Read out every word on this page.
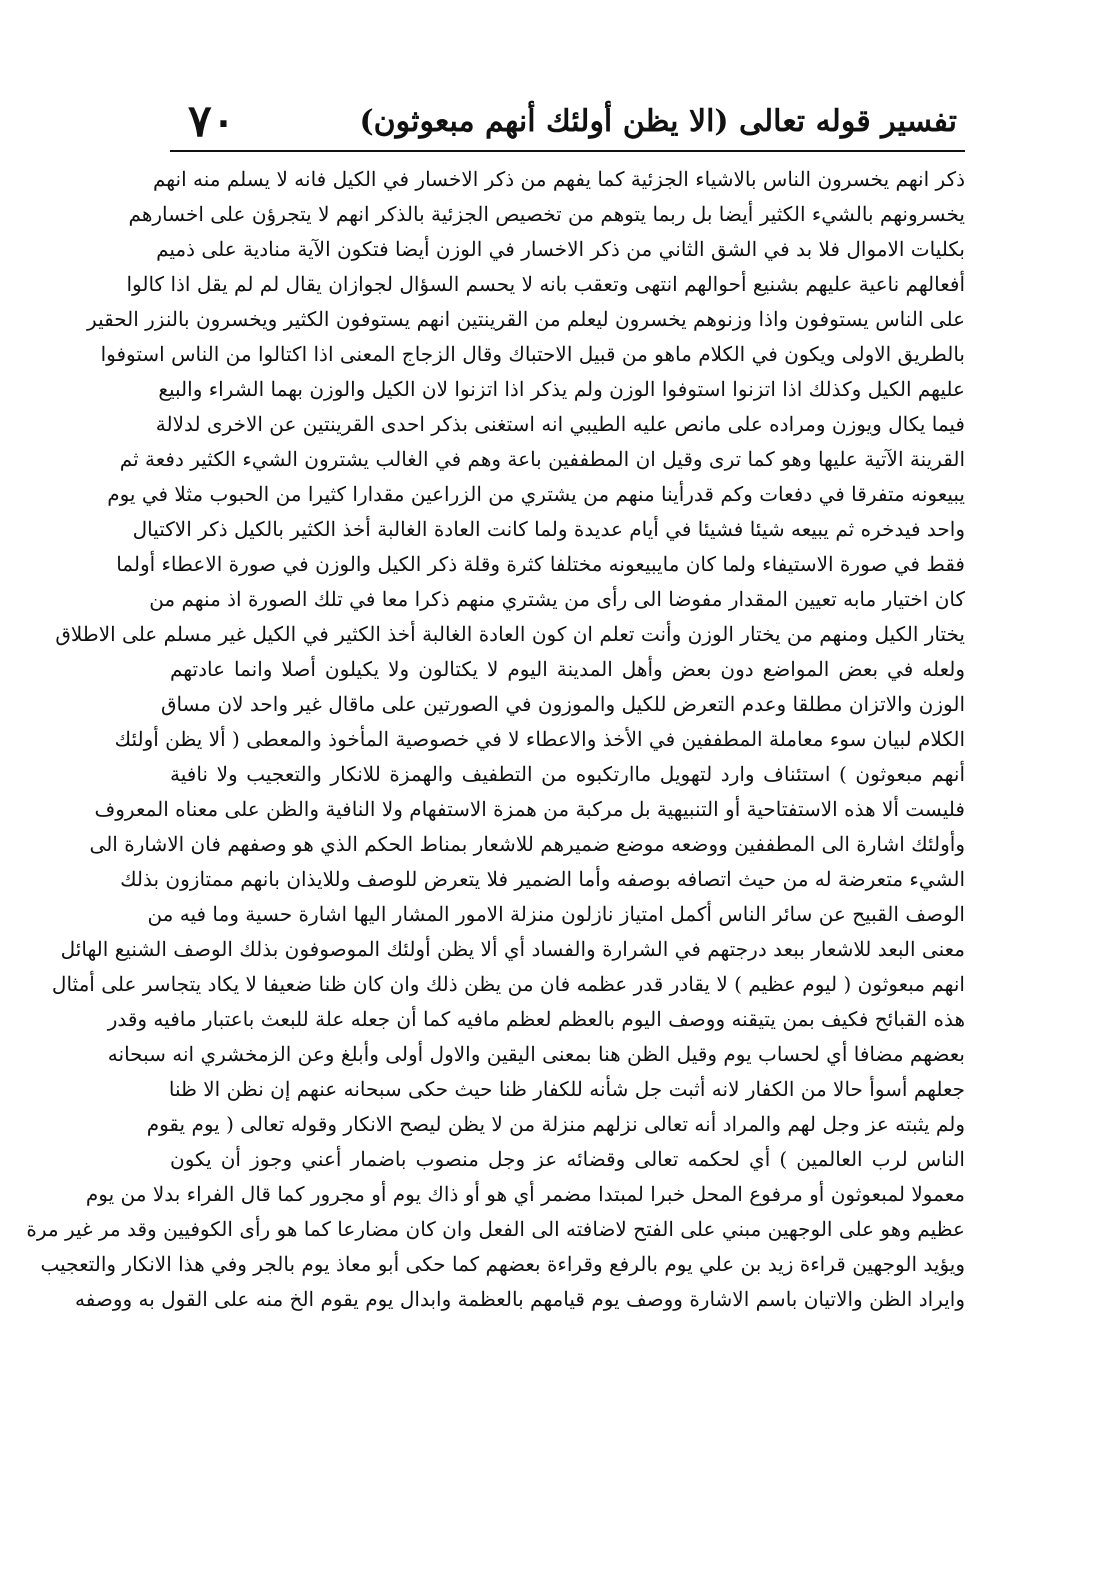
تفسير قوله تعالى (الا يظن أولئك أنهم مبعوثون)
٧٠
ذكر انهم يخسرون الناس بالاشياء الجزئية كما يفهم من ذكر الاخسار في الكيل فانه لا يسلم منه انهم
يخسرونهم بالشيء الكثير أيضا بل ربما يتوهم من تخصيص الجزئية بالذكر انهم لا يتجرؤن على اخسارهم
بكليات الاموال فلا بد في الشق الثاني من ذكر الاخسار في الوزن أيضا فتكون الآية منادية على ذميم
أفعالهم ناعية عليهم بشنيع أحوالهم انتهى وتعقب بانه لا يحسم السؤال لجوازان يقال لم لم يقل اذا كالوا
على الناس يستوفون واذا وزنوهم يخسرون ليعلم من القرينتين انهم يستوفون الكثير ويخسرون بالنزر الحقير
بالطريق الاولى ويكون في الكلام ماهو من قبيل الاحتباك وقال الزجاج المعنى اذا اكتالوا من الناس استوفوا
عليهم الكيل وكذلك اذا اتزنوا استوفوا الوزن ولم يذكر اذا اتزنوا لان الكيل والوزن بهما الشراء والبيع
فيما يكال ويوزن ومراده على مانص عليه الطيبي انه استغنى بذكر احدى القرينتين عن الاخرى لدلالة
القرينة الآتية عليها وهو كما ترى وقيل ان المطففين باعة وهم في الغالب يشترون الشيء الكثير دفعة ثم
يبيعونه متفرقا في دفعات وكم قدرأينا منهم من يشتري من الزراعين مقدارا كثيرا من الحبوب مثلا في يوم
واحد فيدخره ثم يبيعه شيئا فشيئا في أيام عديدة ولما كانت العادة الغالبة أخذ الكثير بالكيل ذكر الاكتيال
فقط في صورة الاستيفاء ولما كان مايبيعونه مختلفا كثرة وقلة ذكر الكيل والوزن في صورة الاعطاء أولما
كان اختيار مابه تعيين المقدار مفوضا الى رأى من يشتري منهم ذكرا معا في تلك الصورة اذ منهم من
يختار الكيل ومنهم من يختار الوزن وأنت تعلم ان كون العادة الغالبة أخذ الكثير في الكيل غير مسلم على الاطلاق
ولعله في بعض المواضع دون بعض وأهل المدينة اليوم لا يكتالون ولا يكيلون أصلا وانما عادتهم
الوزن والاتزان مطلقا وعدم التعرض للكيل والموزون في الصورتين على ماقال غير واحد لان مساق
الكلام لبيان سوء معاملة المطففين في الأخذ والاعطاء لا في خصوصية المأخوذ والمعطى ( ألا يظن أولئك
أنهم مبعوثون ) استئناف وارد لتهويل ماارتكبوه من التطفيف والهمزة للانكار والتعجيب ولا نافية
فليست ألا هذه الاستفتاحية أو التنبيهية بل مركبة من همزة الاستفهام ولا النافية والظن على معناه المعروف
وأولئك اشارة الى المطففين ووضعه موضع ضميرهم للاشعار بمناط الحكم الذي هو وصفهم فان الاشارة الى
الشيء متعرضة له من حيث اتصافه بوصفه وأما الضمير فلا يتعرض للوصف وللايذان بانهم ممتازون بذلك
الوصف القبيح عن سائر الناس أكمل امتياز نازلون منزلة الامور المشار اليها اشارة حسية وما فيه من
معنى البعد للاشعار ببعد درجتهم في الشرارة والفساد أي ألا يظن أولئك الموصوفون بذلك الوصف الشنيع الهائل
انهم مبعوثون ( ليوم عظيم ) لا يقادر قدر عظمه فان من يظن ذلك وان كان ظنا ضعيفا لا يكاد يتجاسر على أمثال
هذه القبائح فكيف بمن يتيقنه ووصف اليوم بالعظم لعظم مافيه كما أن جعله علة للبعث باعتبار مافيه وقدر
بعضهم مضافا أي لحساب يوم وقيل الظن هنا بمعنى اليقين والاول أولى وأبلغ وعن الزمخشري انه سبحانه
جعلهم أسوأ حالا من الكفار لانه أثبت جل شأنه للكفار ظنا حيث حكى سبحانه عنهم إن نظن الا ظنا
ولم يثبته عز وجل لهم والمراد أنه تعالى نزلهم منزلة من لا يظن ليصح الانكار وقوله تعالى ( يوم يقوم
الناس لرب العالمين ) أي لحكمه تعالى وقضائه عز وجل منصوب باضمار أعني وجوز أن يكون
معمولا لمبعوثون أو مرفوع المحل خبرا لمبتدا مضمر أي هو أو ذاك يوم أو مجرور كما قال الفراء بدلا من يوم
عظيم وهو على الوجهين مبني على الفتح لاضافته الى الفعل وان كان مضارعا كما هو رأى الكوفيين وقد مر غير مرة
ويؤيد الوجهين قراءة زيد بن علي يوم بالرفع وقراءة بعضهم كما حكى أبو معاذ يوم بالجر وفي هذا الانكار والتعجيب
وايراد الظن والاتيان باسم الاشارة ووصف يوم قيامهم بالعظمة وابدال يوم يقوم الخ منه على القول به ووصفه
